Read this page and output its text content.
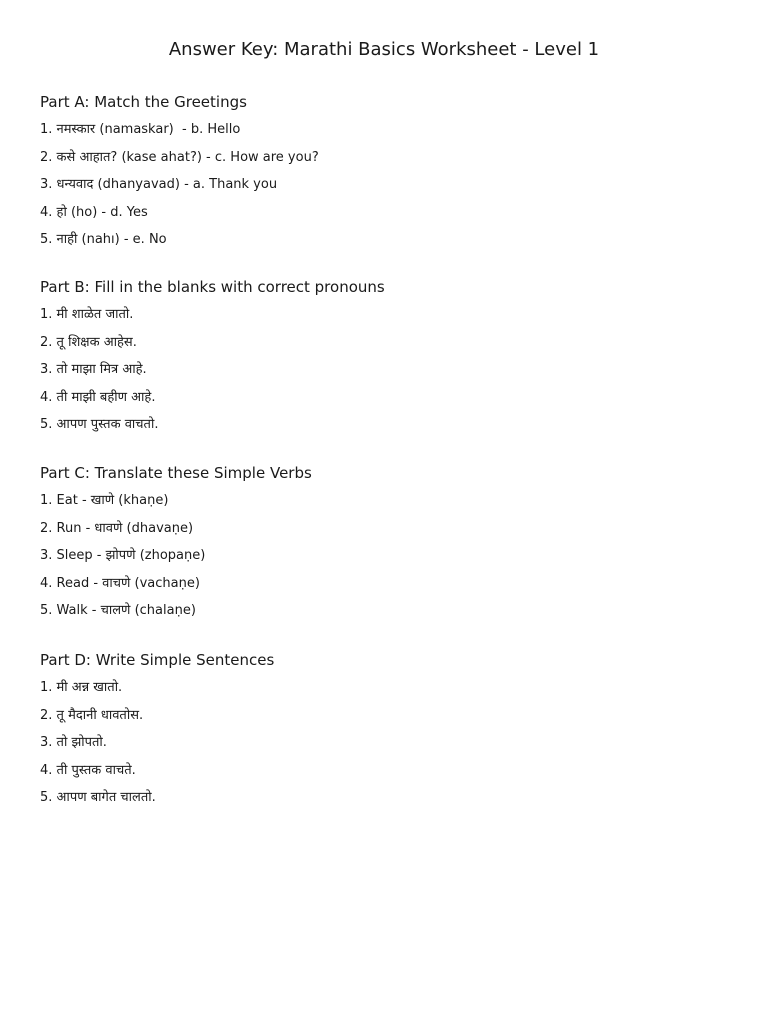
Answer Key: Marathi Basics Worksheet - Level 1
Part A: Match the Greetings
1. नमस्कार (namaskar)  - b. Hello
2. कसे आहात? (kase ahat?) - c. How are you?
3. धन्यवाद (dhanyavad) - a. Thank you
4. हो (ho) - d. Yes
5. नाही (nahı) - e. No
Part B: Fill in the blanks with correct pronouns
1. मी शाळेत जातो.
2. तू शिक्षक आहेस.
3. तो माझा मित्र आहे.
4. ती माझी बहीण आहे.
5. आपण पुस्तक वाचतो.
Part C: Translate these Simple Verbs
1. Eat - खाणे (khaṇe)
2. Run - धावणे (dhavaṇe)
3. Sleep - झोपणे (zhopaṇe)
4. Read - वाचणे (vachaṇe)
5. Walk - चालणे (chalaṇe)
Part D: Write Simple Sentences
1. मी अन्न खातो.
2. तू मैदानी धावतोस.
3. तो झोपतो.
4. ती पुस्तक वाचते.
5. आपण बागेत चालतो.
